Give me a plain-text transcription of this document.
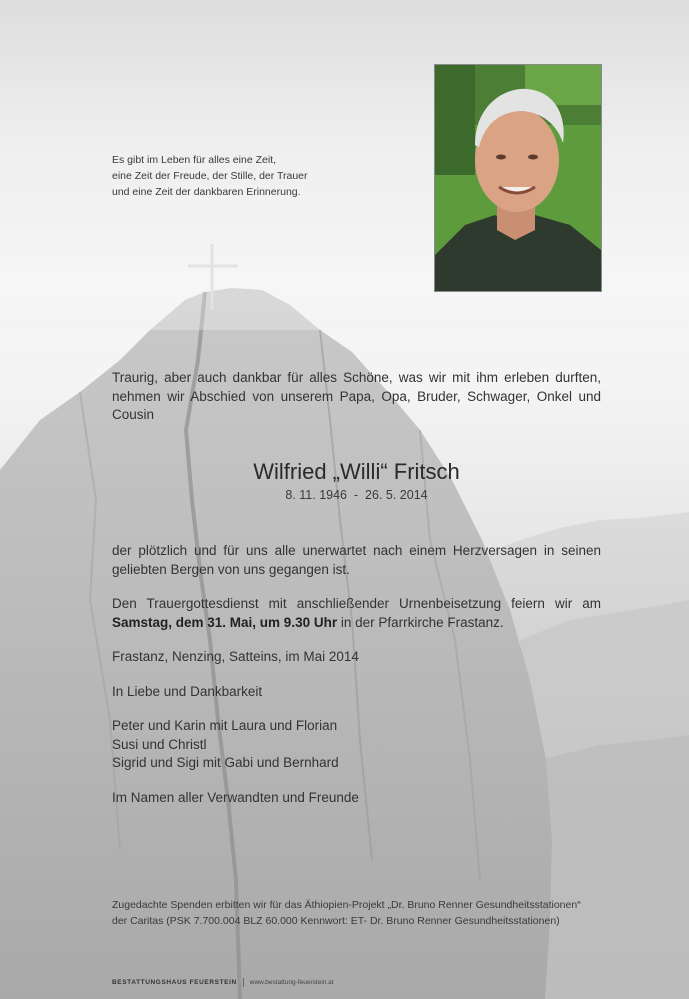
Es gibt im Leben für alles eine Zeit,
eine Zeit der Freude, der Stille, der Trauer
und eine Zeit der dankbaren Erinnerung.
Traurig, aber auch dankbar für alles Schöne, was wir mit ihm erleben durften, nehmen wir Abschied von unserem Papa, Opa, Bruder, Schwager, Onkel und Cousin
Wilfried „Willi“ Fritsch
8. 11. 1946  -  26. 5. 2014

der plötzlich und für uns alle unerwartet nach einem Herzversagen in seinen geliebten Bergen von uns gegangen ist.

Den Trauergottesdienst mit anschließender Urnenbeisetzung feiern wir am Samstag, dem 31. Mai, um 9.30 Uhr in der Pfarrkirche Frastanz.

Frastanz, Nenzing, Satteins, im Mai 2014

In Liebe und Dankbarkeit

Peter und Karin mit Laura und Florian
Susi und Christl
Sigrid und Sigi mit Gabi und Bernhard

Im Namen aller Verwandten und Freunde

Zugedachte Spenden erbitten wir für das Äthiopien-Projekt „Dr. Bruno Renner Gesundheitsstationen“ der Caritas (PSK 7.700.004 BLZ 60.000 Kennwort: ET- Dr. Bruno Renner Gesundheitsstationen)
BESTATTUNGSHAUS FEUERSTEIN www.bestattung-feuerstein.at
